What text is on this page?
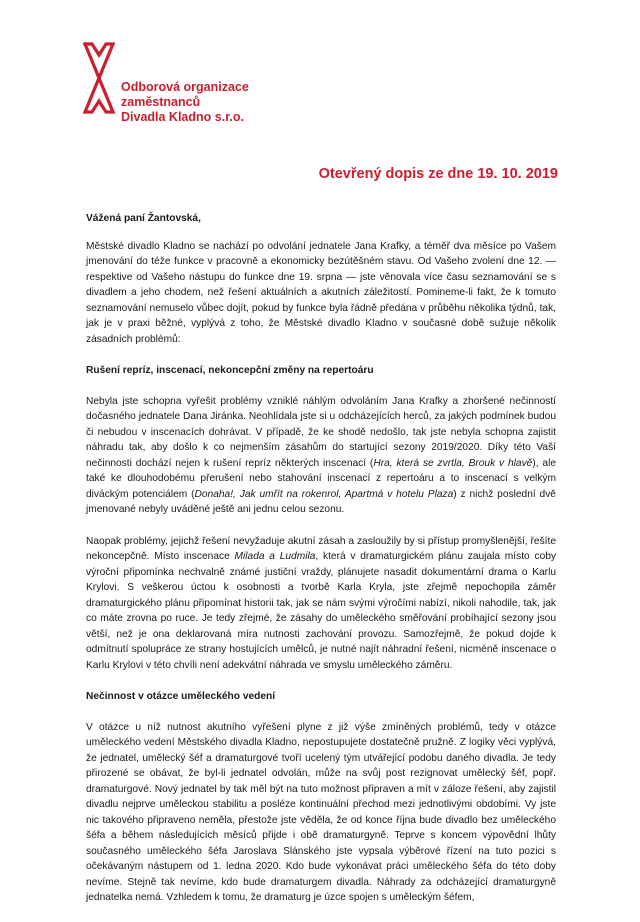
Odborová organizace
zaměstnanců
Divadla Kladno s.r.o.
Otevřený dopis ze dne 19. 10. 2019

Vážená paní Žantovská,

Městské divadlo Kladno se nachází po odvolání jednatele Jana Krafky, a téměř dva měsíce po Vašem jmenování do téže funkce v pracovně a ekonomicky bezútěšném stavu. Od Vašeho zvolení dne 12. — respektive od Vašeho nástupu do funkce dne 19. srpna — jste věnovala více času seznamování se s divadlem a jeho chodem, než řešení aktuálních a akutních záležitostí. Pomineme-li fakt, že k tomuto seznamování nemuselo vůbec dojít, pokud by funkce byla řádně předána v průběhu několika týdnů, tak, jak je v praxi běžné, vyplývá z toho, že Městské divadlo Kladno v současné době sužuje několik zásadních problémů:

Rušení repríz, inscenací, nekoncepční změny na repertoáru

Nebyla jste schopna vyřešit problémy vzniklé náhlým odvoláním Jana Krafky a zhoršené nečinností dočasného jednatele Dana Jiránka. Neohlídala jste si u odcházejících herců, za jakých podmínek budou či nebudou v inscenacích dohrávat. V případě, že ke shodě nedošlo, tak jste nebyla schopna zajistit náhradu tak, aby došlo k co nejmenším zásahům do startující sezony 2019/2020. Díky této Vaší nečinnosti dochází nejen k rušení repríz některých inscenací (Hra, která se zvrtla, Brouk v hlavě), ale také ke dlouhodobému přerušení nebo stahování inscenací z repertoáru a to inscenací s velkým diváckým potenciálem (Donaha!, Jak umřít na rokenrol, Apartmá v hotelu Plaza) z nichž poslední dvě jmenované nebyly uváděné ještě ani jednu celou sezonu.

Naopak problémy, jejichž řešení nevyžaduje akutní zásah a zasloužily by si přístup promyšlenější, řešíte nekoncepčně. Místo inscenace Milada a Ludmila, která v dramaturgickém plánu zaujala místo coby výroční připomínka nechvalně známé justiční vraždy, plánujete nasadit dokumentární drama o Karlu Krylovi. S veškerou úctou k osobnosti a tvorbě Karla Kryla, jste zřejmě nepochopila záměr dramaturgického plánu připomínat historii tak, jak se nám svými výročími nabízí, nikoli nahodile, tak, jak co máte zrovna po ruce. Je tedy zřejmé, že zásahy do uměleckého směřování probíhající sezony jsou větší, než je ona deklarovaná míra nutnosti zachování provozu. Samozřejmě, že pokud dojde k odmítnutí spolupráce ze strany hostujících umělců, je nutné najít náhradní řešení, nicméně inscenace o Karlu Krylovi v této chvíli není adekvátní náhrada ve smyslu uměleckého záměru.

Nečinnost v otázce uměleckého vedení

V otázce u níž nutnost akutního vyřešení plyne z již výše zmíněných problémů, tedy v otázce uměleckého vedení Městského divadla Kladno, nepostupujete dostatečně pružně. Z logiky věci vyplývá, že jednatel, umělecký šéf a dramaturgové tvoří ucelený tým utvářející podobu daného divadla. Je tedy přirozené se obávat, že byl-li jednatel odvolán, může na svůj post rezignovat umělecký šéf, popř. dramaturgové. Nový jednatel by tak měl být na tuto možnost připraven a mít v záloze řešení, aby zajistil divadlu nejprve uměleckou stabilitu a posléze kontinuální přechod mezi jednotlivými obdobími. Vy jste nic takového připraveno neměla, přestože jste věděla, že od konce října bude divadlo bez uměleckého šéfa a během následujících měsíců přijde i obě dramaturgyně. Teprve s koncem výpovědní lhůty současného uměleckého šéfa Jaroslava Slánského jste vypsala výběrové řízení na tuto pozici s očekávaným nástupem od 1. ledna 2020. Kdo bude vykonávat práci uměleckého šéfa do této doby nevíme. Stejně tak nevíme, kdo bude dramaturgem divadla. Náhrady za odcházející dramaturgyně jednatelka nemá. Vzhledem k tomu, že dramaturg je úzce spojen s uměleckým šéfem,
